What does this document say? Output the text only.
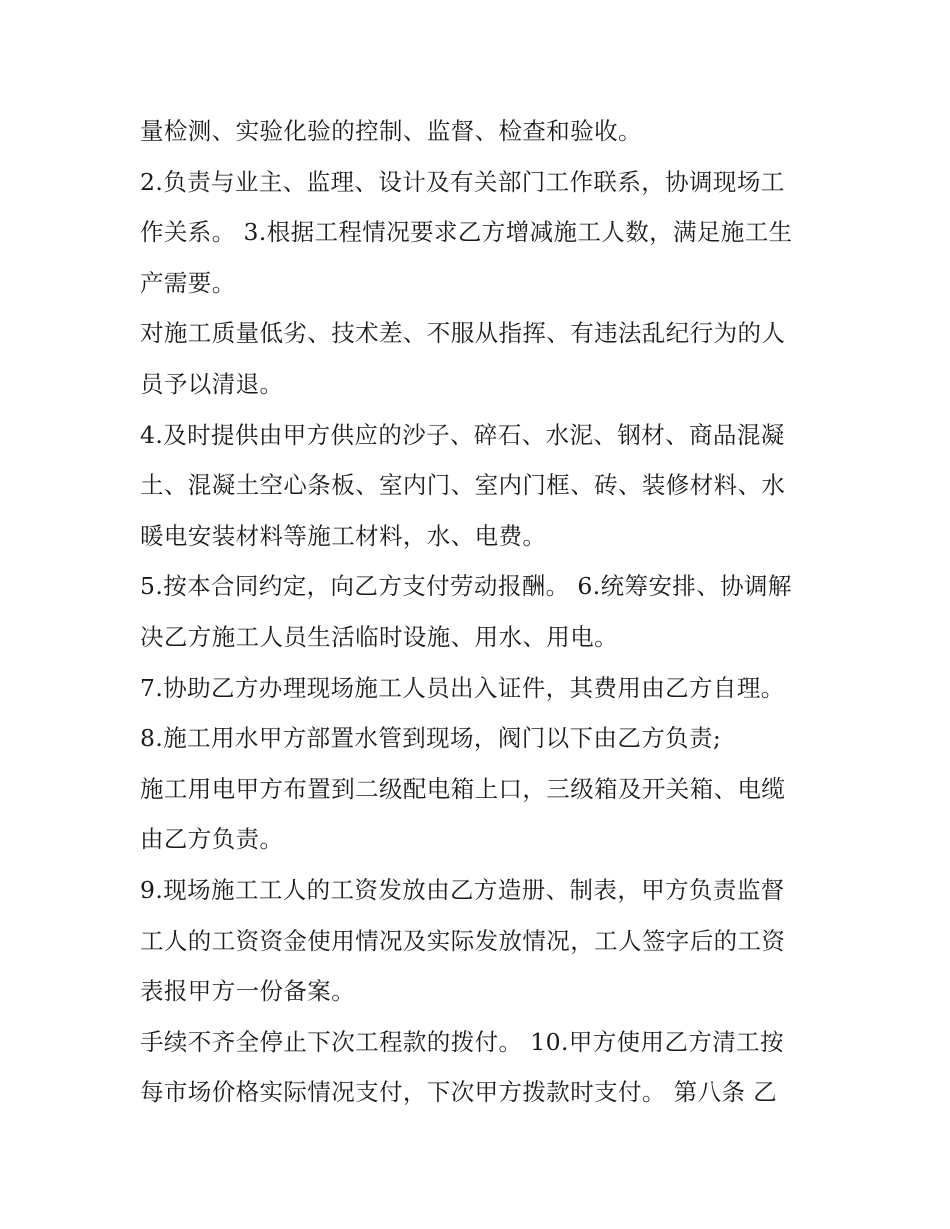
量检测、实验化验的控制、监督、检查和验收。
2.负责与业主、监理、设计及有关部门工作联系，协调现场工
作关系。 3.根据工程情况要求乙方增减施工人数，满足施工生
产需要。
对施工质量低劣、技术差、不服从指挥、有违法乱纪行为的人
员予以清退。
4.及时提供由甲方供应的沙子、碎石、水泥、钢材、商品混凝
土、混凝土空心条板、室内门、室内门框、砖、装修材料、水
暖电安装材料等施工材料，水、电费。
5.按本合同约定，向乙方支付劳动报酬。 6.统筹安排、协调解
决乙方施工人员生活临时设施、用水、用电。
7.协助乙方办理现场施工人员出入证件，其费用由乙方自理。
8.施工用水甲方部置水管到现场，阀门以下由乙方负责;
施工用电甲方布置到二级配电箱上口，三级箱及开关箱、电缆
由乙方负责。
9.现场施工工人的工资发放由乙方造册、制表，甲方负责监督
工人的工资资金使用情况及实际发放情况，工人签字后的工资
表报甲方一份备案。
手续不齐全停止下次工程款的拨付。 10.甲方使用乙方清工按
每市场价格实际情况支付，下次甲方拨款时支付。 第八条 乙
